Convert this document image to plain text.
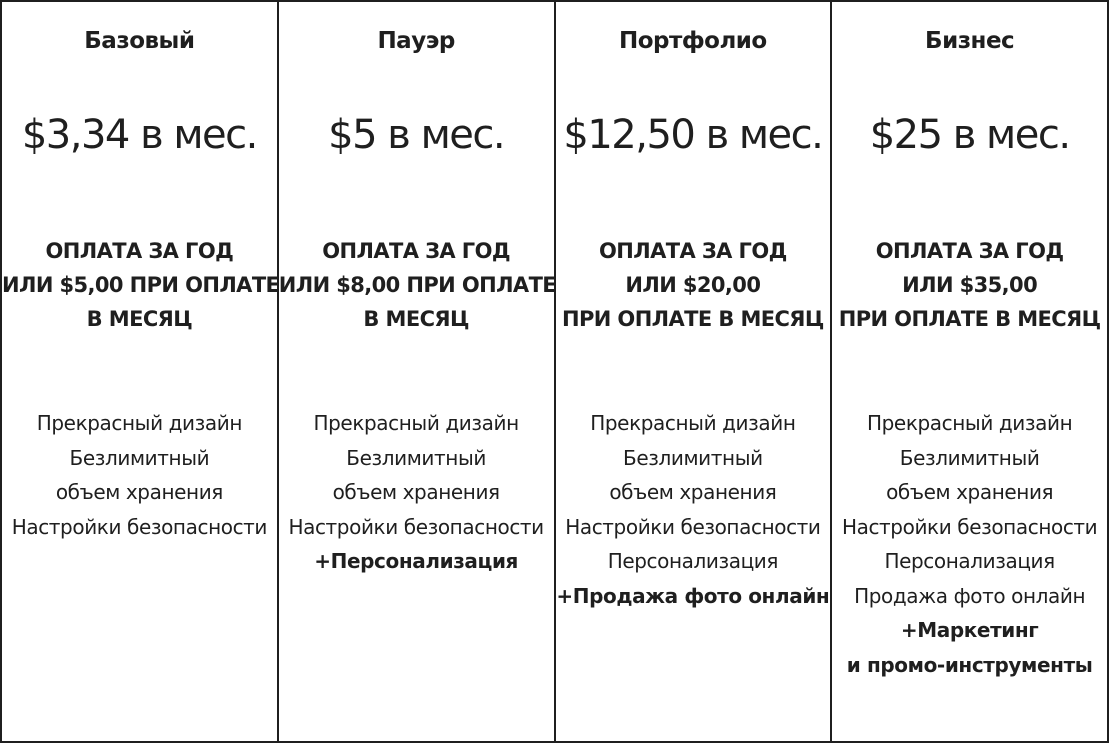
Базовый
$3,34 в мес.
ОПЛАТА ЗА ГОД
ИЛИ $5,00 ПРИ ОПЛАТЕ
В МЕСЯЦ
Прекрасный дизайн
Безлимитный
объем хранения
Настройки безопасности
Пауэр
$5 в мес.
ОПЛАТА ЗА ГОД
ИЛИ $8,00 ПРИ ОПЛАТЕ
В МЕСЯЦ
Прекрасный дизайн
Безлимитный
объем хранения
Настройки безопасности
+Персонализация
Портфолио
$12,50 в мес.
ОПЛАТА ЗА ГОД
ИЛИ $20,00
ПРИ ОПЛАТЕ В МЕСЯЦ
Прекрасный дизайн
Безлимитный
объем хранения
Настройки безопасности
Персонализация
+Продажа фото онлайн
Бизнес
$25 в мес.
ОПЛАТА ЗА ГОД
ИЛИ $35,00
ПРИ ОПЛАТЕ В МЕСЯЦ
Прекрасный дизайн
Безлимитный
объем хранения
Настройки безопасности
Персонализация
Продажа фото онлайн
+Маркетинг
и промо-инструменты
